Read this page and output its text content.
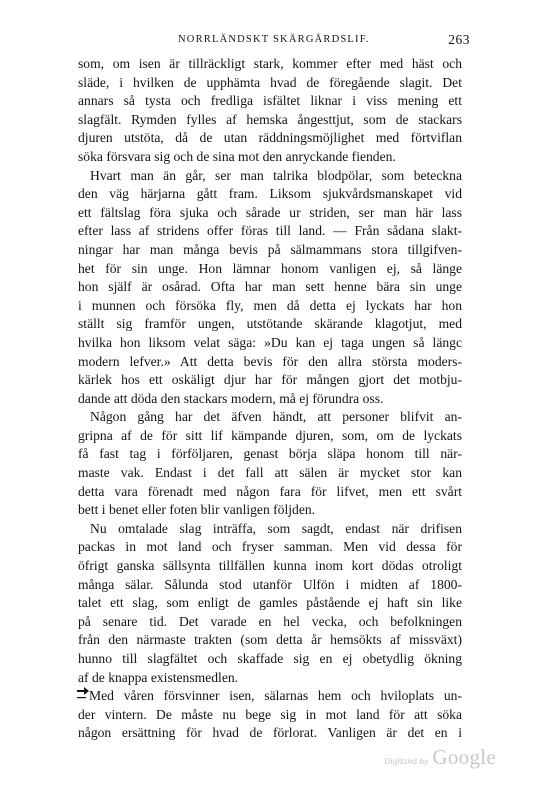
NORRLÄNDSKT SKÄRGÅRDSLIF.	263
som, om isen är tillräckligt stark, kommer efter med häst och
släde, i hvilken de upphämta hvad de föregående slagit. Det
annars så tysta och fredliga isfältet liknar i viss mening ett
slagfält. Rymden fylles af hemska ångesttjut, som de stackars
djuren utstöta, då de utan räddningsmöjlighet med förtviflan
söka försvara sig och de sina mot den anryckande fienden.
Hvart man än går, ser man talrika blodpölar, som beteckna
den väg härjarna gått fram. Liksom sjukvårdsmanskapet vid
ett fältslag föra sjuka och sårade ur striden, ser man här lass
efter lass af stridens offer föras till land. — Från sådana slakt-
ningar har man många bevis på sälmammans stora tillgifven-
het för sin unge. Hon lämnar honom vanligen ej, så länge
hon själf är osårad. Ofta har man sett henne bära sin unge
i munnen och försöka fly, men då detta ej lyckats har hon
ställt sig framför ungen, utstötande skärande klagotjut, med
hvilka hon liksom velat säga: »Du kan ej taga ungen så längc
modern lefver.» Att detta bevis för den allra största moders-
kärlek hos ett oskäligt djur har för mången gjort det motbju-
dande att döda den stackars modern, må ej förundra oss.
Någon gång har det äfven händt, att personer blifvit an-
gripna af de för sitt lif kämpande djuren, som, om de lyckats
få fast tag i förföljaren, genast börja släpa honom till när-
maste vak. Endast i det fall att sälen är mycket stor kan
detta vara förenadt med någon fara för lifvet, men ett svårt
bett i benet eller foten blir vanligen följden.
Nu omtalade slag inträffa, som sagdt, endast när drifisen
packas in mot land och fryser samman. Men vid dessa för
öfrigt ganska sällsynta tillfällen kunna inom kort dödas otroligt
många sälar. Sålunda stod utanför Ulfön i midten af 1800-
talet ett slag, som enligt de gamles påstående ej haft sin like
på senare tid. Det varade en hel vecka, och befolkningen
från den närmaste trakten (som detta år hemsökts af missväxt)
hunno till slagfältet och skaffade sig en ej obetydlig ökning
af de knappa existensmedlen.
Med våren försvinner isen, sälarnas hem och hviloplats un-
der vintern. De måste nu bege sig in mot land för att söka
någon ersättning för hvad de förlorat. Vanligen är det en i
Digitized by Google
